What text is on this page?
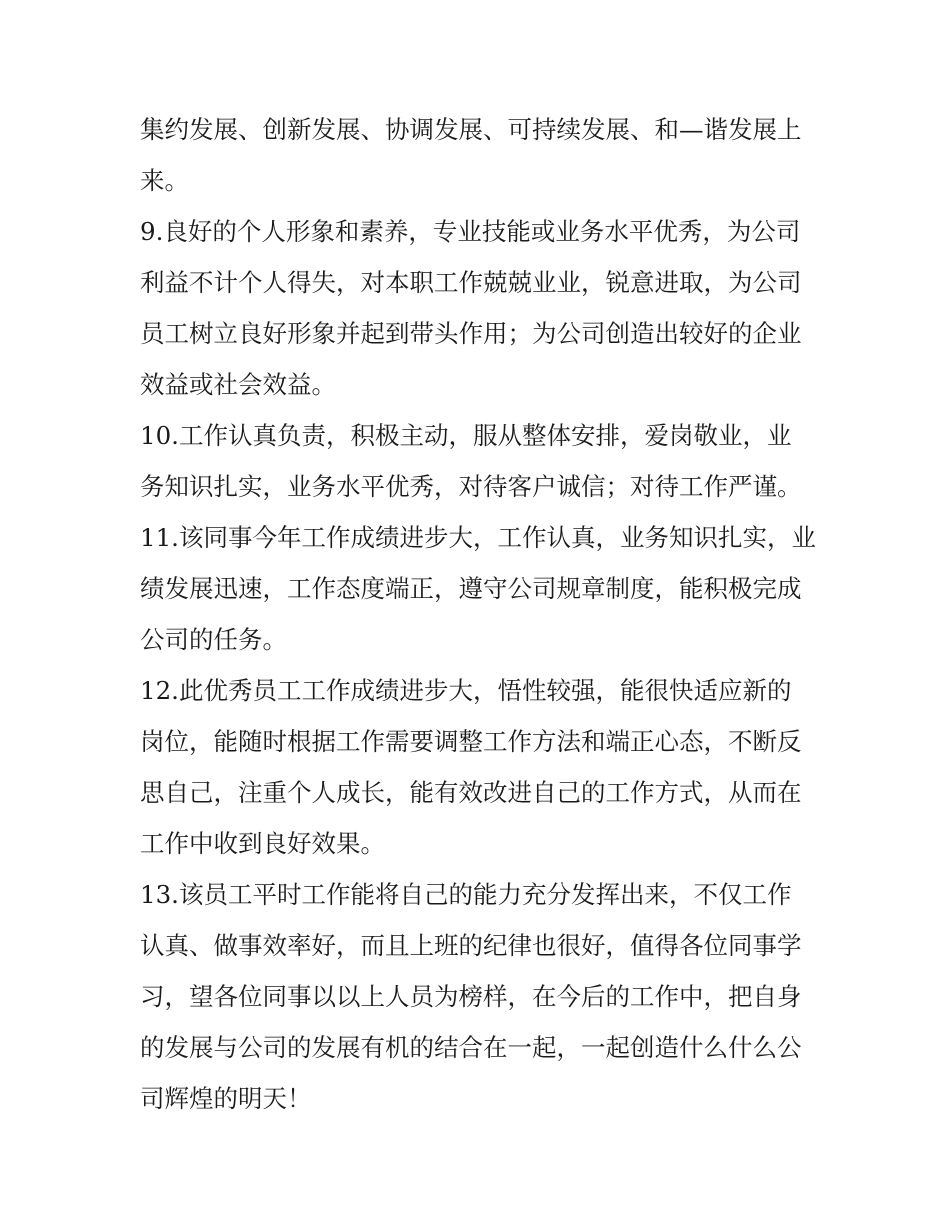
集约发展、创新发展、协调发展、可持续发展、和—谐发展上
来。
9.良好的个人形象和素养，专业技能或业务水平优秀，为公司
利益不计个人得失，对本职工作兢兢业业，锐意进取，为公司
员工树立良好形象并起到带头作用；为公司创造出较好的企业
效益或社会效益。
10.工作认真负责，积极主动，服从整体安排，爱岗敬业，业
务知识扎实，业务水平优秀，对待客户诚信；对待工作严谨。
11.该同事今年工作成绩进步大，工作认真，业务知识扎实，业
绩发展迅速，工作态度端正，遵守公司规章制度，能积极完成
公司的任务。
12.此优秀员工工作成绩进步大，悟性较强，能很快适应新的
岗位，能随时根据工作需要调整工作方法和端正心态，不断反
思自己，注重个人成长，能有效改进自己的工作方式，从而在
工作中收到良好效果。
13.该员工平时工作能将自己的能力充分发挥出来，不仅工作
认真、做事效率好，而且上班的纪律也很好，值得各位同事学
习，望各位同事以以上人员为榜样，在今后的工作中，把自身
的发展与公司的发展有机的结合在一起，一起创造什么什么公
司辉煌的明天！
